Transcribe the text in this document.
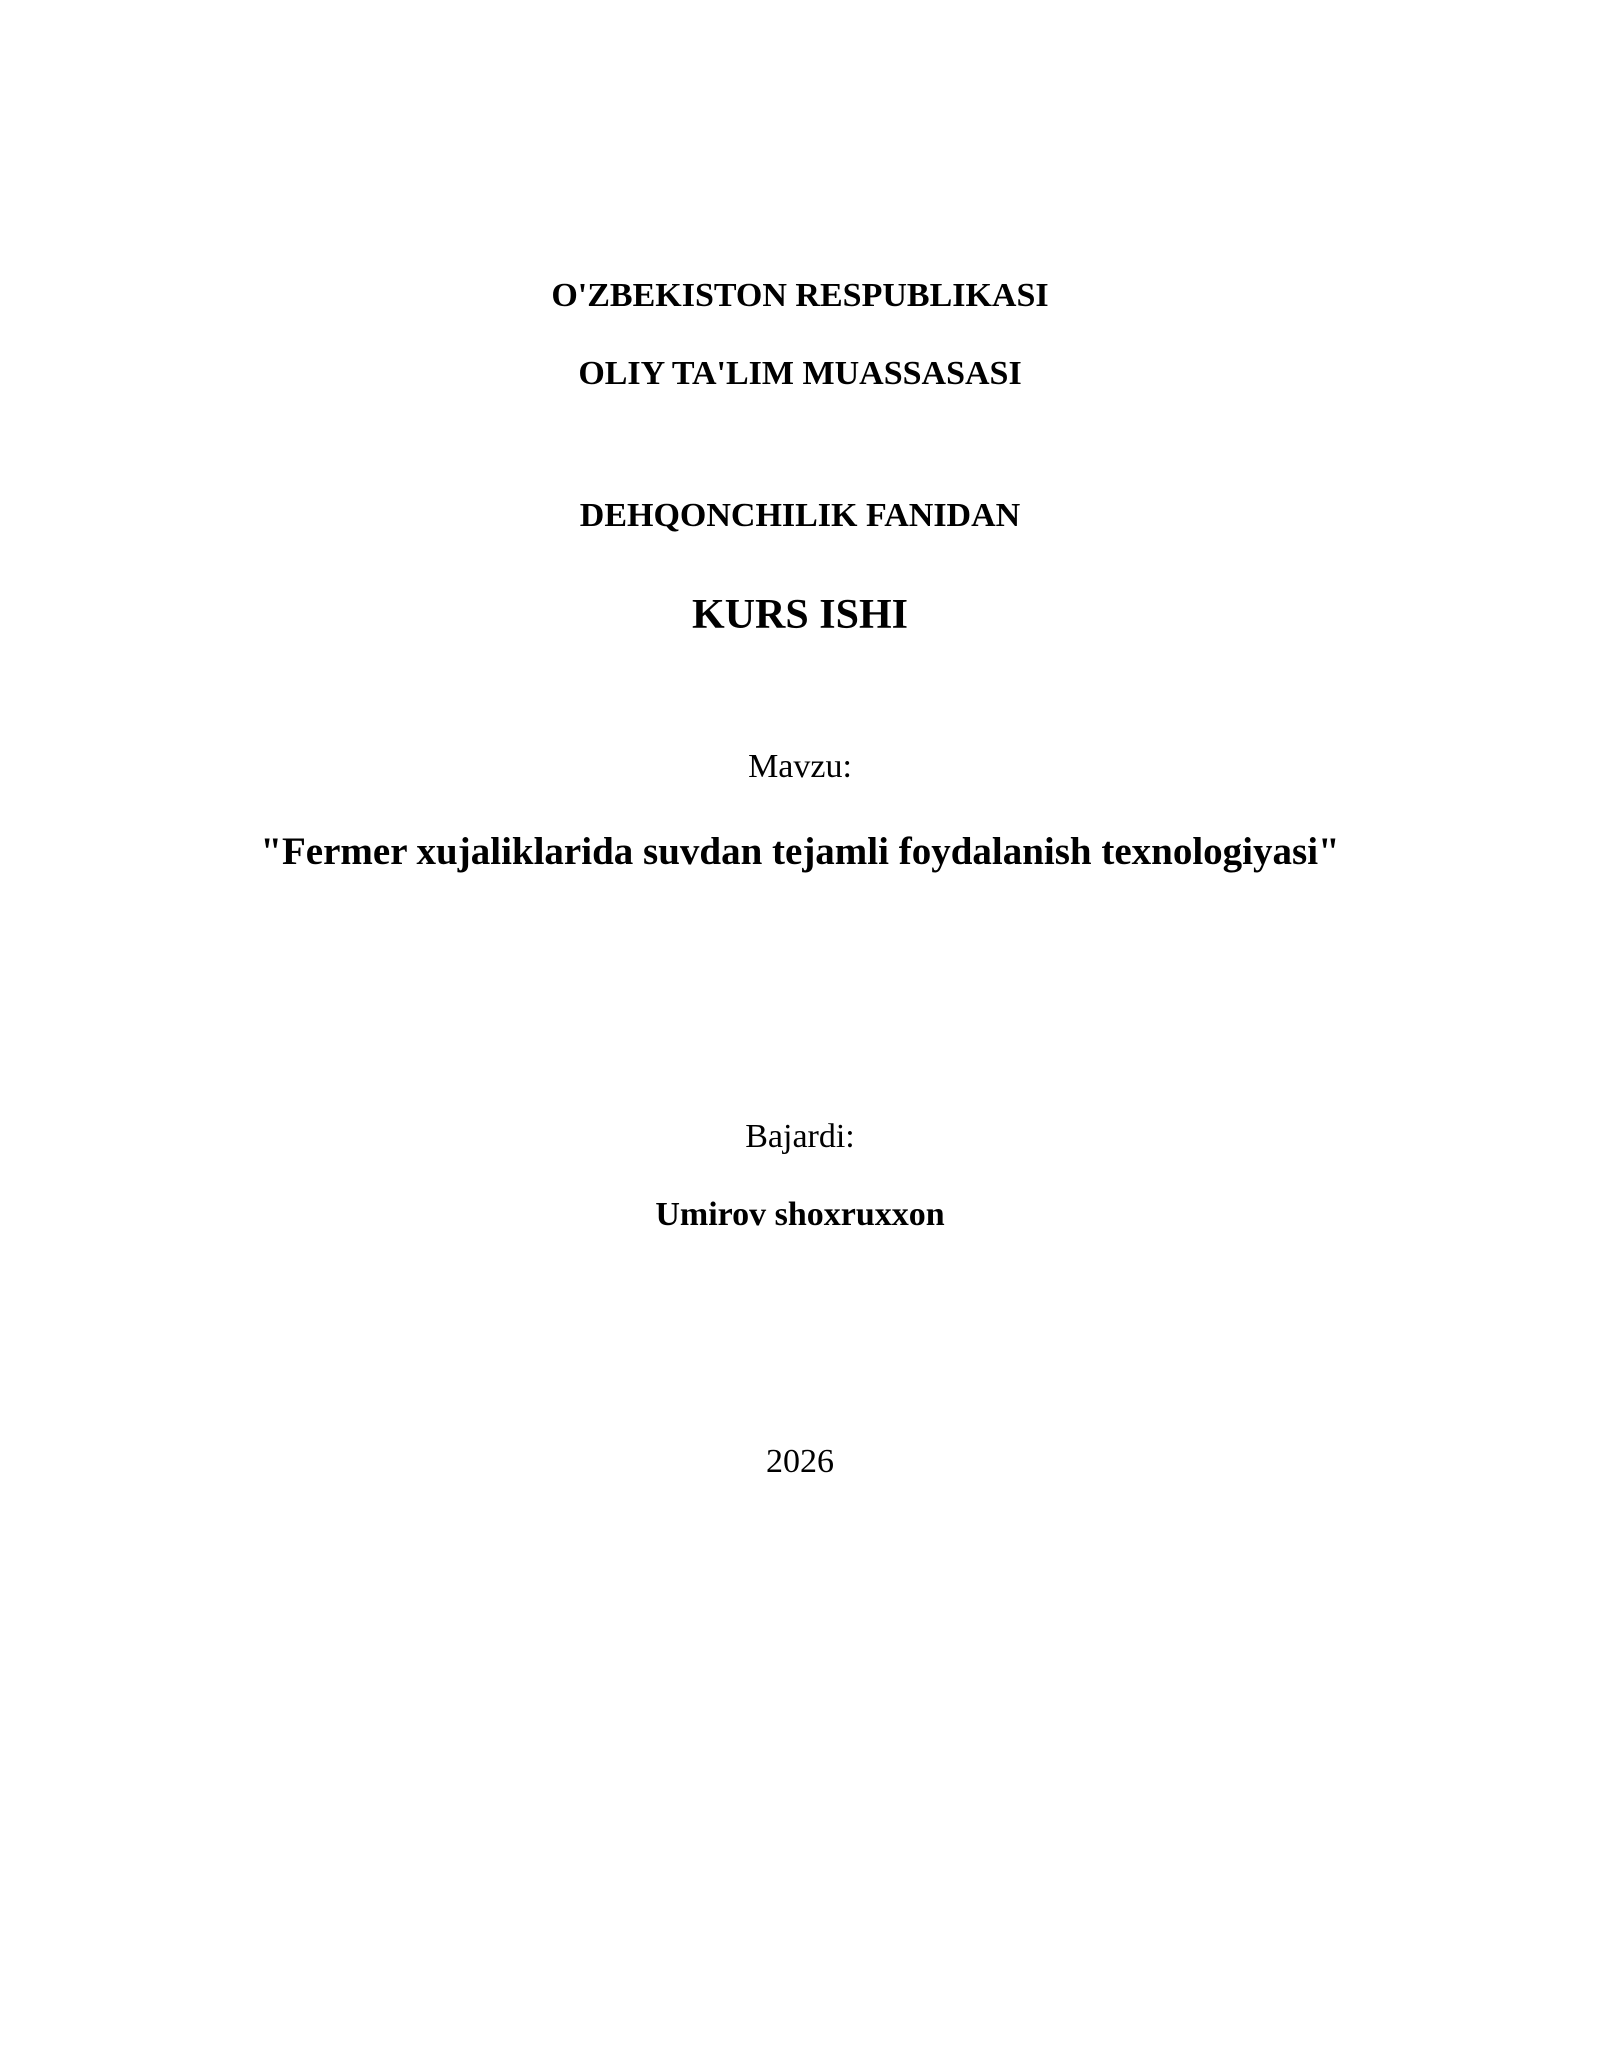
O'ZBEKISTON RESPUBLIKASI
OLIY TA'LIM MUASSASASI
DEHQONCHILIK FANIDAN
KURS ISHI
Mavzu:
"Fermer xujaliklarida suvdan tejamli foydalanish texnologiyasi"
Bajardi:
Umirov shoxruxxon
2026
